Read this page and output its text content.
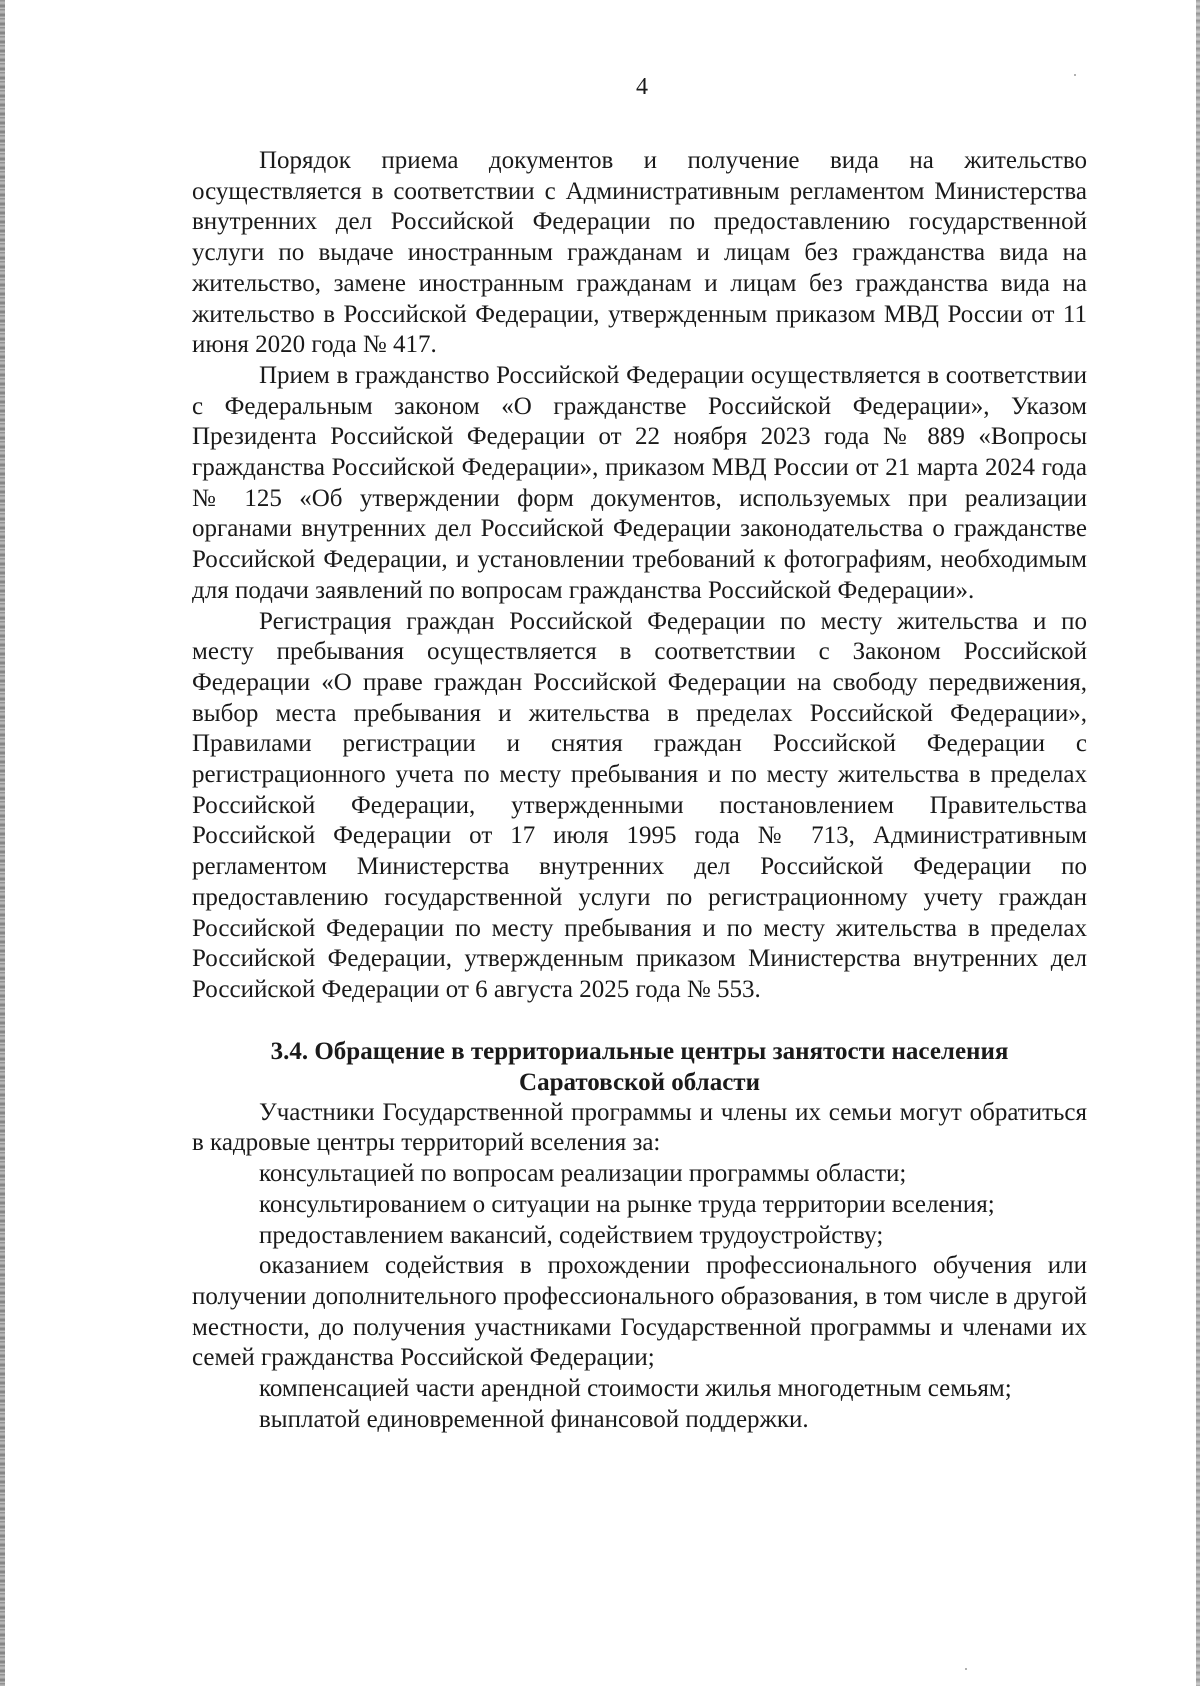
4

Порядок приема документов и получение вида на жительство осуществляется в соответствии с Административным регламентом Министерства внутренних дел Российской Федерации по предоставлению государственной услуги по выдаче иностранным гражданам и лицам без гражданства вида на жительство, замене иностранным гражданам и лицам без гражданства вида на жительство в Российской Федерации, утвержденным приказом МВД России от 11 июня 2020 года № 417.

Прием в гражданство Российской Федерации осуществляется в соответствии с Федеральным законом «О гражданстве Российской Федерации», Указом Президента Российской Федерации от 22 ноября 2023 года № 889 «Вопросы гражданства Российской Федерации», приказом МВД России от 21 марта 2024 года № 125 «Об утверждении форм документов, используемых при реализации органами внутренних дел Российской Федерации законодательства о гражданстве Российской Федерации, и установлении требований к фотографиям, необходимым для подачи заявлений по вопросам гражданства Российской Федерации».

Регистрация граждан Российской Федерации по месту жительства и по месту пребывания осуществляется в соответствии с Законом Российской Федерации «О праве граждан Российской Федерации на свободу передвижения, выбор места пребывания и жительства в пределах Российской Федерации», Правилами регистрации и снятия граждан Российской Федерации с регистрационного учета по месту пребывания и по месту жительства в пределах Российской Федерации, утвержденными постановлением Правительства Российской Федерации от 17 июля 1995 года № 713, Административным регламентом Министерства внутренних дел Российской Федерации по предоставлению государственной услуги по регистрационному учету граждан Российской Федерации по месту пребывания и по месту жительства в пределах Российской Федерации, утвержденным приказом Министерства внутренних дел Российской Федерации от 6 августа 2025 года № 553.

3.4. Обращение в территориальные центры занятости населения
Саратовской области

Участники Государственной программы и члены их семьи могут обратиться в кадровые центры территорий вселения за:

консультацией по вопросам реализации программы области;

консультированием о ситуации на рынке труда территории вселения;

предоставлением вакансий, содействием трудоустройству;

оказанием содействия в прохождении профессионального обучения или получении дополнительного профессионального образования, в том числе в другой местности, до получения участниками Государственной программы и членами их семей гражданства Российской Федерации;

компенсацией части арендной стоимости жилья многодетным семьям;

выплатой единовременной финансовой поддержки.
